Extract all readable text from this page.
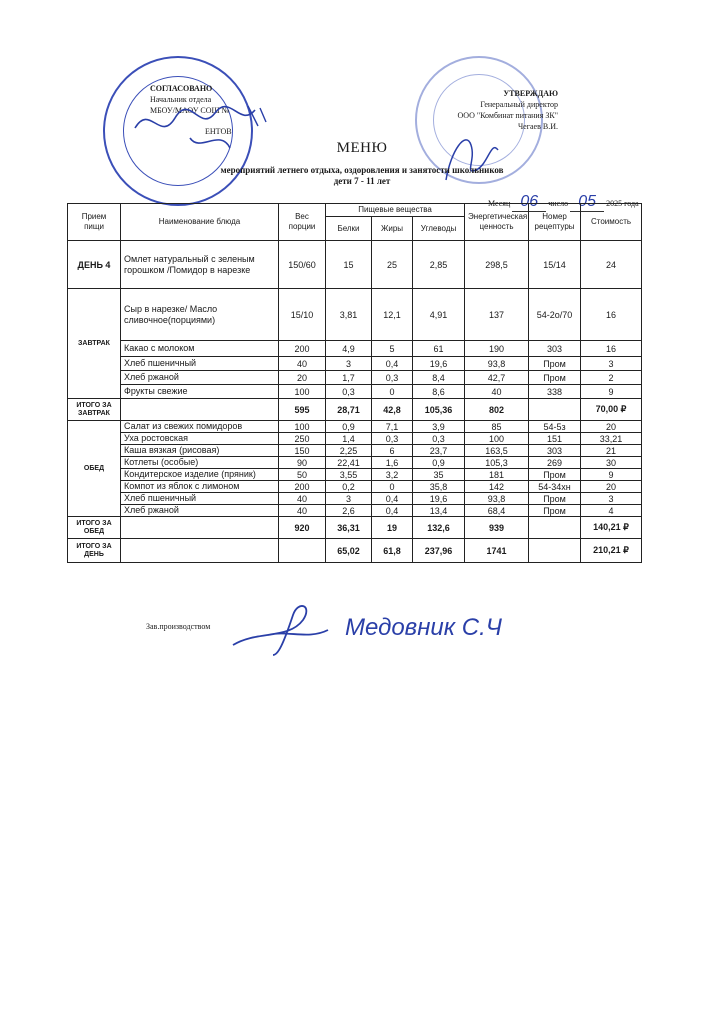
СОГЛАСОВАНО
Начальник отдела
МБОУ/МАОУ СОШ №
ЕНТОВ
УТВЕРЖДАЮ
Генеральный директор
ООО "Комбинат питания ЗК"
Чегаев В.И.
МЕНЮ
мероприятий летнего отдыха, оздоровления и занятости школьников
дети 7 - 11 лет
Месяц 06 число 05 2025 года
Прием пищи	Наименование блюда	Вес порции	Пищевые вещества			Энергетическая ценность	Номер рецептуры	Стоимость
			Белки	Жиры	Углеводы			
ДЕНЬ 4	Омлет натуральный с зеленым горошком /Помидор в нарезке	150/60	15	25	2,85	298,5	15/14	24
ЗАВТРАК	Сыр в нарезке/ Масло сливочное(порциями)	15/10	3,81	12,1	4,91	137	54-2о/70	16
	Какао с молоком	200	4,9	5	61	190	303	16
	Хлеб пшеничный	40	3	0,4	19,6	93,8	Пром	3
	Хлеб ржаной	20	1,7	0,3	8,4	42,7	Пром	2
	Фрукты свежие	100	0,3	0	8,6	40	338	9
ИТОГО ЗА ЗАВТРАК		595	28,71	42,8	105,36	802		70,00 ₽
ОБЕД	Салат из свежих помидоров	100	0,9	7,1	3,9	85	54-5з	20
	Уха ростовская	250	1,4	0,3	0,3	100	151	33,21
	Каша вязкая (рисовая)	150	2,25	6	23,7	163,5	303	21
	Котлеты (особые)	90	22,41	1,6	0,9	105,3	269	30
	Кондитерское изделие (пряник)	50	3,55	3,2	35	181	Пром	9
	Компот из яблок с лимоном	200	0,2	0	35,8	142	54-34хн	20
	Хлеб пшеничный	40	3	0,4	19,6	93,8	Пром	3
	Хлеб ржаной	40	2,6	0,4	13,4	68,4	Пром	4
ИТОГО ЗА ОБЕД		920	36,31	19	132,6	939		140,21 ₽
ИТОГО ЗА ДЕНЬ			65,02	61,8	237,96	1741		210,21 ₽
Зав.производством	Медовник С.Ч
